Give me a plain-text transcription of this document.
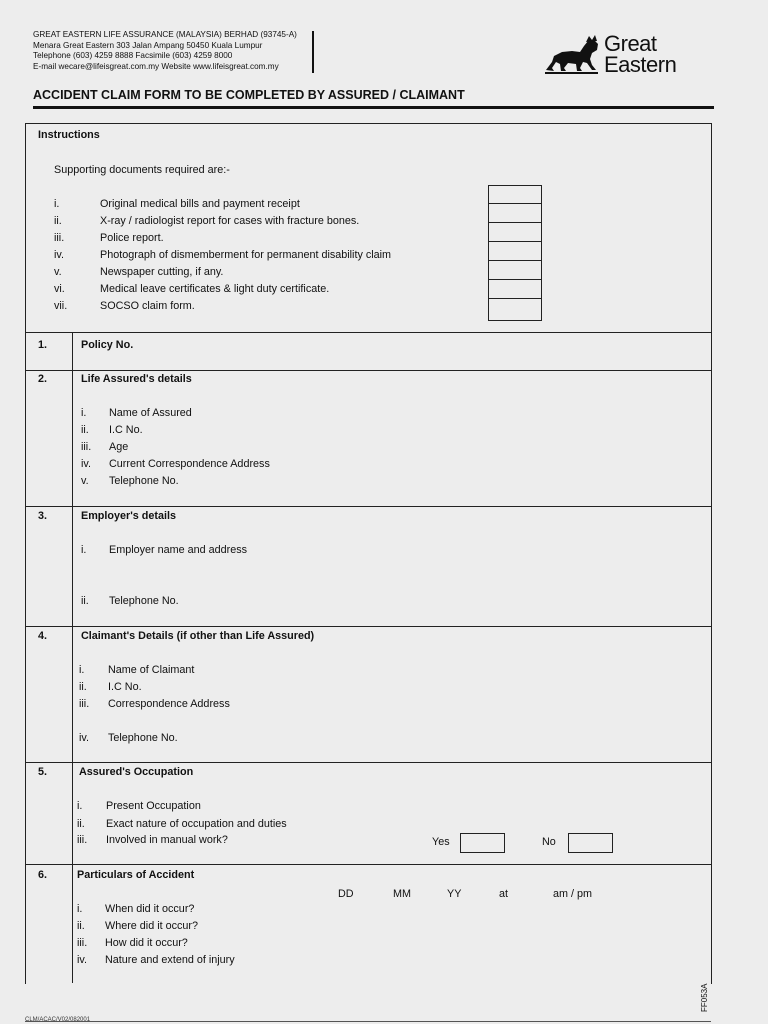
GREAT EASTERN LIFE ASSURANCE (MALAYSIA) BERHAD (93745-A)
Menara Great Eastern 303 Jalan Ampang 50450 Kuala Lumpur
Telephone (603) 4259 8888 Facsimile (603) 4259 8000
E-mail wecare@lifeisgreat.com.my Website www.lifeisgreat.com.my
Great
Eastern
ACCIDENT CLAIM FORM TO BE COMPLETED BY ASSURED / CLAIMANT
Instructions
Supporting documents required are:-
i.	Original medical bills and payment receipt
ii.	X-ray / radiologist report for cases with fracture bones.
iii.	Police report.
iv.	Photograph of dismemberment for permanent disability claim
v.	Newspaper cutting, if any.
vi.	Medical leave certificates & light duty certificate.
vii.	SOCSO claim form.
1.	Policy No.
2.	Life Assured's details
i. Name of Assured
ii. I.C No.
iii. Age
iv. Current Correspondence Address
v. Telephone No.
3.	Employer's details
i. Employer name and address
ii. Telephone No.
4.	Claimant's Details (if other than Life Assured)
i. Name of Claimant
ii. I.C No.
iii. Correspondence Address
iv. Telephone No.
5.	Assured's Occupation
i. Present Occupation
ii. Exact nature of occupation and duties
iii. Involved in manual work?	Yes	No
6.	Particulars of Accident
DD	MM	YY	at	am / pm
i. When did it occur?
ii. Where did it occur?
iii. How did it occur?
iv. Nature and extend of injury
CLM/ACAC/V02/082001
FF053A
